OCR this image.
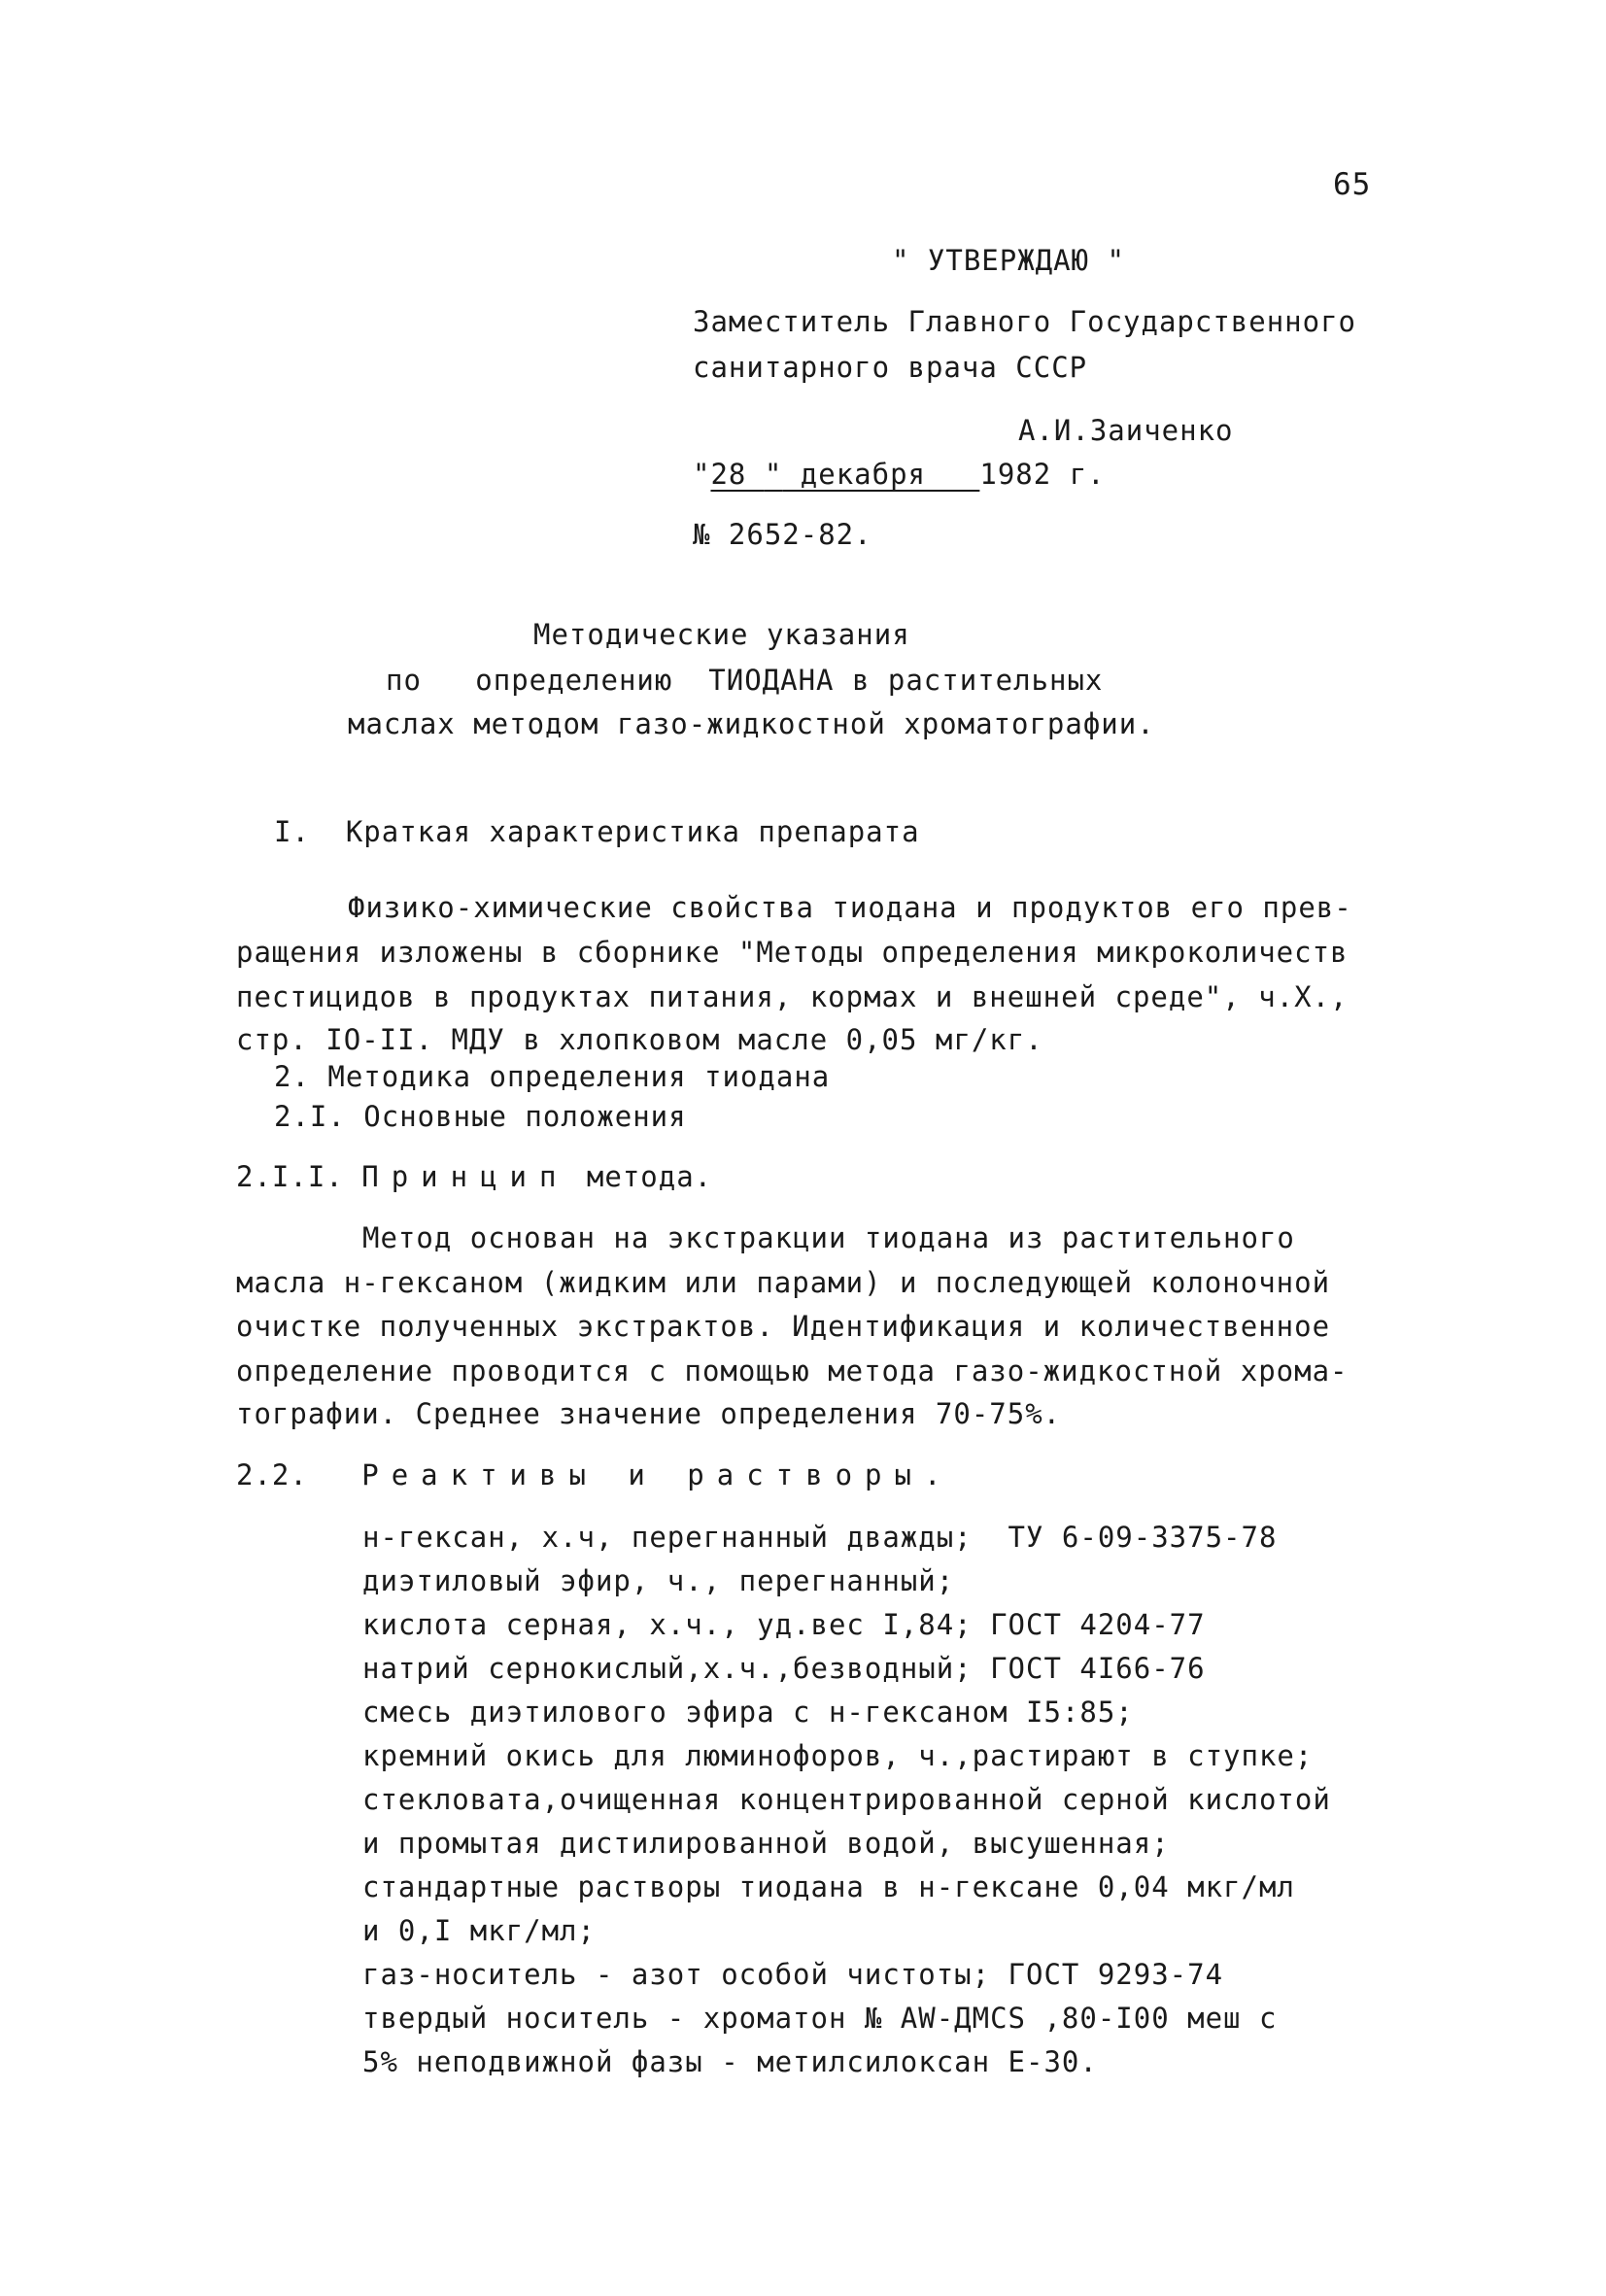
65
" УТВЕРЖДАЮ "
Заместитель Главного Государственного
санитарного врача СССР
А.И.Заиченко
"28 " декабря   1982 г.
№ 2652-82.
Методические указания
по   определению  ТИОДАНА в растительных
маслах методом газо-жидкостной хроматографии.
I.  Краткая характеристика препарата
Физико-химические свойства тиодана и продуктов его прев-
ращения изложены в сборнике "Методы определения микроколичеств
пестицидов в продуктах питания, кормах и внешней среде", ч.Х.,
стр. IO-II. МДУ в хлопковом масле 0,05 мг/кг.
2. Методика определения тиодана
2.I. Основные положения
2.I.I. Принцип метода.
Метод основан на экстракции тиодана из растительного
масла н-гексаном (жидким или парами) и последующей колоночной
очистке полученных экстрактов. Идентификация и количественное
определение проводится с помощью метода газо-жидкостной хрома-
тографии. Среднее значение определения 70-75%.
2.2. Реактивы и растворы.
н-гексан, х.ч, перегнанный дважды;  ТУ 6-09-3375-78
диэтиловый эфир, ч., перегнанный;
кислота серная, х.ч., уд.вес I,84; ГОСТ 4204-77
натрий сернокислый,х.ч.,безводный; ГОСТ 4I66-76
смесь диэтилового эфира с н-гексаном I5:85;
кремний окись для люминофоров, ч.,растирают в ступке;
стекловата,очищенная концентрированной серной кислотой
и промытая дистилированной водой, высушенная;
стандартные растворы тиодана в н-гексане 0,04 мкг/мл
и 0,I мкг/мл;
газ-носитель - азот особой чистоты; ГОСТ 9293-74
твердый носитель - хроматон № AW-ДМСS ,80-I00 меш с
5% неподвижной фазы - метилсилоксан Е-30.
